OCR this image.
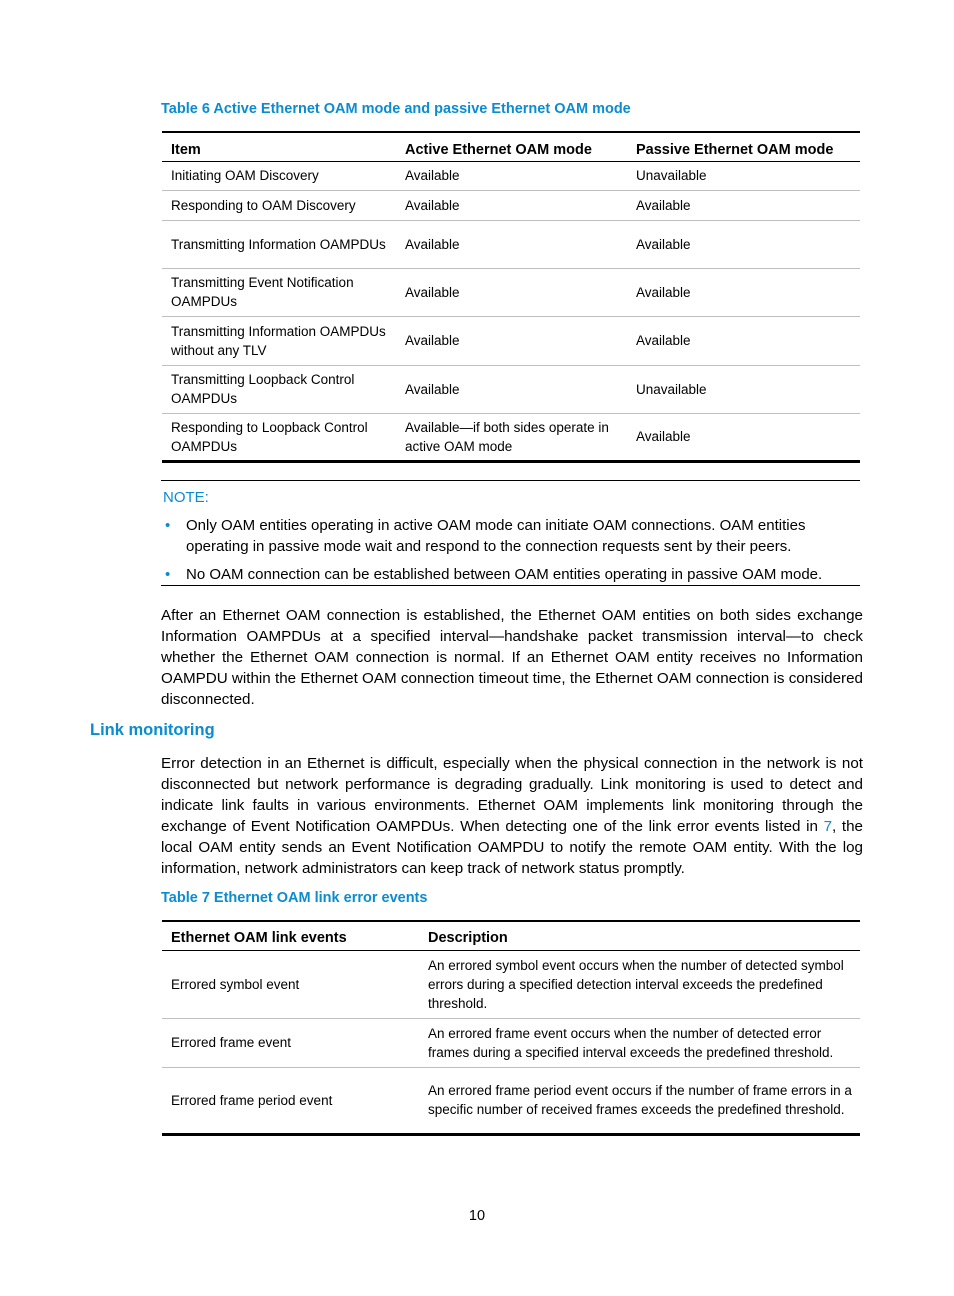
Table 6 Active Ethernet OAM mode and passive Ethernet OAM mode
Item	Active Ethernet OAM mode	Passive Ethernet OAM mode
Initiating OAM Discovery	Available	Unavailable
Responding to OAM Discovery	Available	Available
Transmitting Information OAMPDUs	Available	Available
Transmitting Event Notification OAMPDUs	Available	Available
Transmitting Information OAMPDUs without any TLV	Available	Available
Transmitting Loopback Control OAMPDUs	Available	Unavailable
Responding to Loopback Control OAMPDUs	Available—if both sides operate in active OAM mode	Available
NOTE:
• Only OAM entities operating in active OAM mode can initiate OAM connections. OAM entities operating in passive mode wait and respond to the connection requests sent by their peers.
• No OAM connection can be established between OAM entities operating in passive OAM mode.

After an Ethernet OAM connection is established, the Ethernet OAM entities on both sides exchange Information OAMPDUs at a specified interval—handshake packet transmission interval—to check whether the Ethernet OAM connection is normal. If an Ethernet OAM entity receives no Information OAMPDU within the Ethernet OAM connection timeout time, the Ethernet OAM connection is considered disconnected.

Link monitoring

Error detection in an Ethernet is difficult, especially when the physical connection in the network is not disconnected but network performance is degrading gradually. Link monitoring is used to detect and indicate link faults in various environments. Ethernet OAM implements link monitoring through the exchange of Event Notification OAMPDUs. When detecting one of the link error events listed in 7, the local OAM entity sends an Event Notification OAMPDU to notify the remote OAM entity. With the log information, network administrators can keep track of network status promptly.

Table 7 Ethernet OAM link error events
Ethernet OAM link events	Description
Errored symbol event	An errored symbol event occurs when the number of detected symbol errors during a specified detection interval exceeds the predefined threshold.
Errored frame event	An errored frame event occurs when the number of detected error frames during a specified interval exceeds the predefined threshold.
Errored frame period event	An errored frame period event occurs if the number of frame errors in a specific number of received frames exceeds the predefined threshold.
10
